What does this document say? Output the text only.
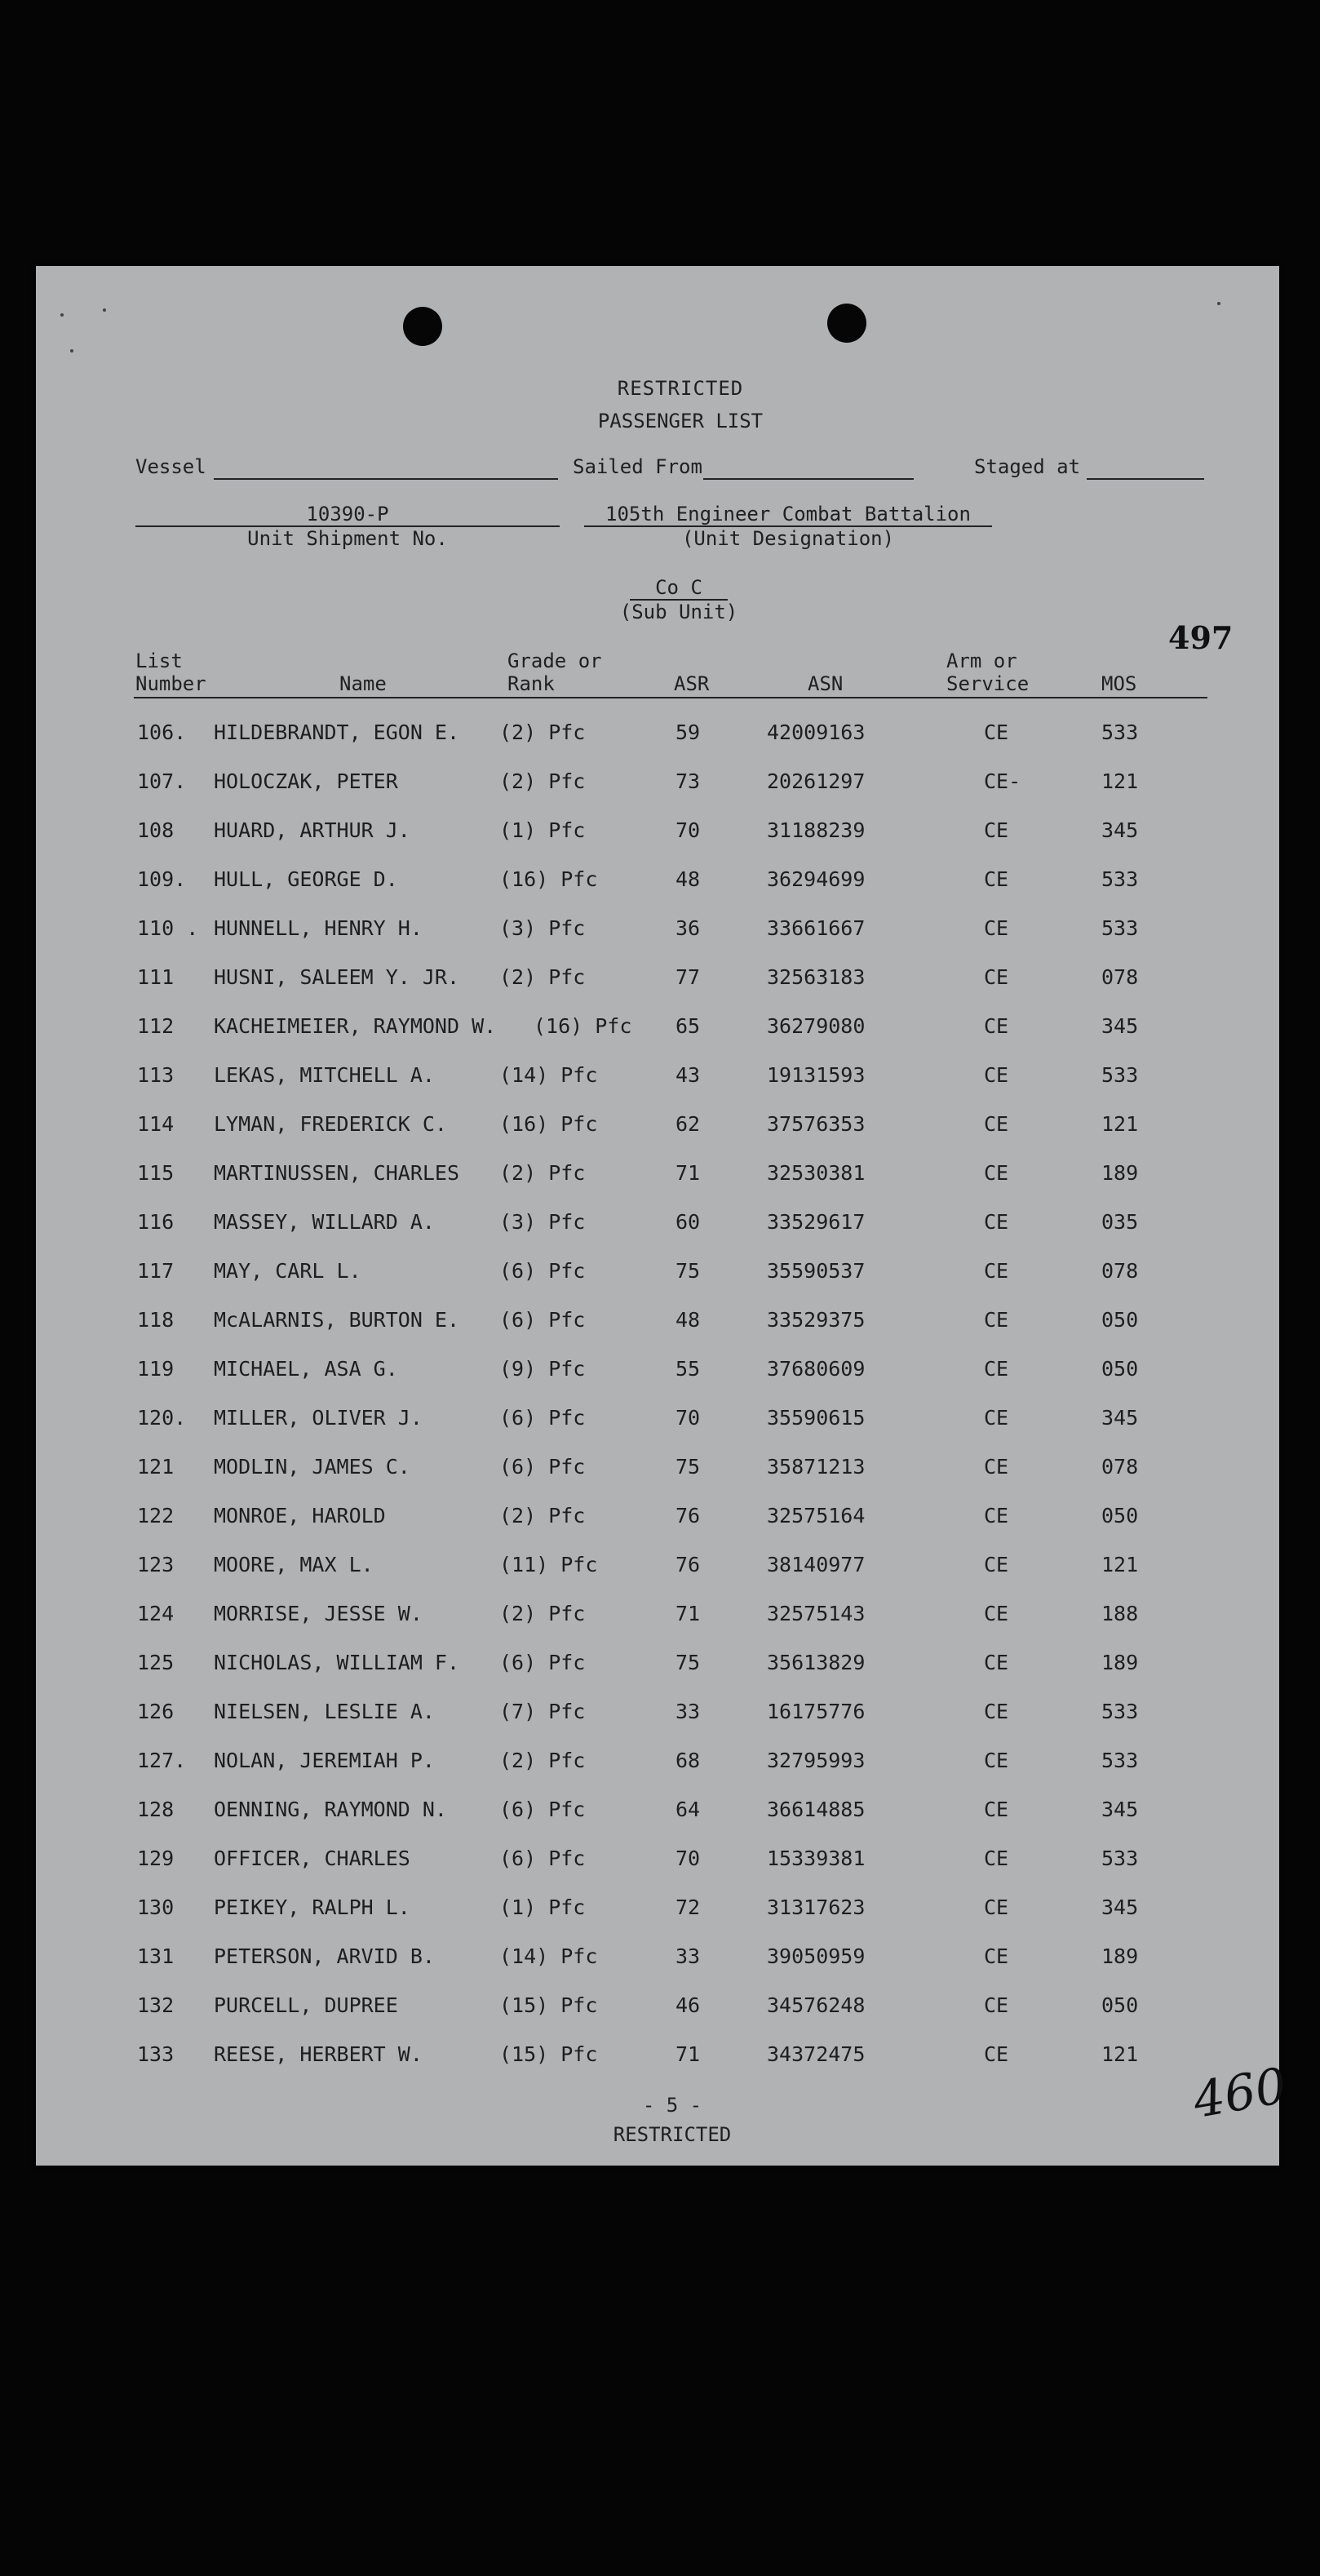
RESTRICTED
PASSENGER LIST
Vessel	Sailed From	Staged at
10390-P
Unit Shipment No.
105th Engineer Combat Battalion
(Unit Designation)
Co C
(Sub Unit)
497
List
Number	Name
Grade or
Rank	ASR	ASN
Arm or
Service	MOS
106. HILDEBRANDT, EGON E. (2) Pfc	59	42009163	CE	533
107. HOLOCZAK, PETER	(2) Pfc	73	20261297	CE-	121
108 HUARD, ARTHUR J.	(1) Pfc	70	31188239	CE	345
109. HULL, GEORGE D.	(16) Pfc	48	36294699	CE	533
110 . HUNNELL, HENRY H.	(3) Pfc	36	33661667	CE	533
111 HUSNI, SALEEM Y. JR. (2) Pfc	77	32563183	CE	078
112 KACHEIMEIER, RAYMOND W. (16) Pfc 65	36279080	CE	345
113 LEKAS, MITCHELL A.	(14) Pfc	43	19131593	CE	533
114 LYMAN, FREDERICK C.	(16) Pfc	62	37576353	CE	121
115 MARTINUSSEN, CHARLES (2) Pfc	71	32530381	CE	189
116 MASSEY, WILLARD A.	(3) Pfc	60	33529617	CE	035
117 MAY, CARL L.	(6) Pfc	75	35590537	CE	078
118 McALARNIS, BURTON E. (6) Pfc	48	33529375	CE	050
119 MICHAEL, ASA G.	(9) Pfc	55	37680609	CE	050
120. MILLER, OLIVER J.	(6) Pfc	70	35590615	CE	345
121 MODLIN, JAMES C.	(6) Pfc	75	35871213	CE	078
122 MONROE, HAROLD	(2) Pfc	76	32575164	CE	050
123 MOORE, MAX L.	(11) Pfc	76	38140977	CE	121
124 MORRISE, JESSE W.	(2) Pfc	71	32575143	CE	188
125 NICHOLAS, WILLIAM F. (6) Pfc	75	35613829	CE	189
126 NIELSEN, LESLIE A.	(7) Pfc	33	16175776	CE	533
127. NOLAN, JEREMIAH P.	(2) Pfc	68	32795993	CE	533
128 OENNING, RAYMOND N.	(6) Pfc	64	36614885	CE	345
129 OFFICER, CHARLES	(6) Pfc	70	15339381	CE	533
130 PEIKEY, RALPH L.	(1) Pfc	72	31317623	CE	345
131 PETERSON, ARVID B.	(14) Pfc	33	39050959	CE	189
132 PURCELL, DUPREE	(15) Pfc	46	34576248	CE	050
133 REESE, HERBERT W.	(15) Pfc	71	34372475	CE	121
- 5 -
RESTRICTED
460
